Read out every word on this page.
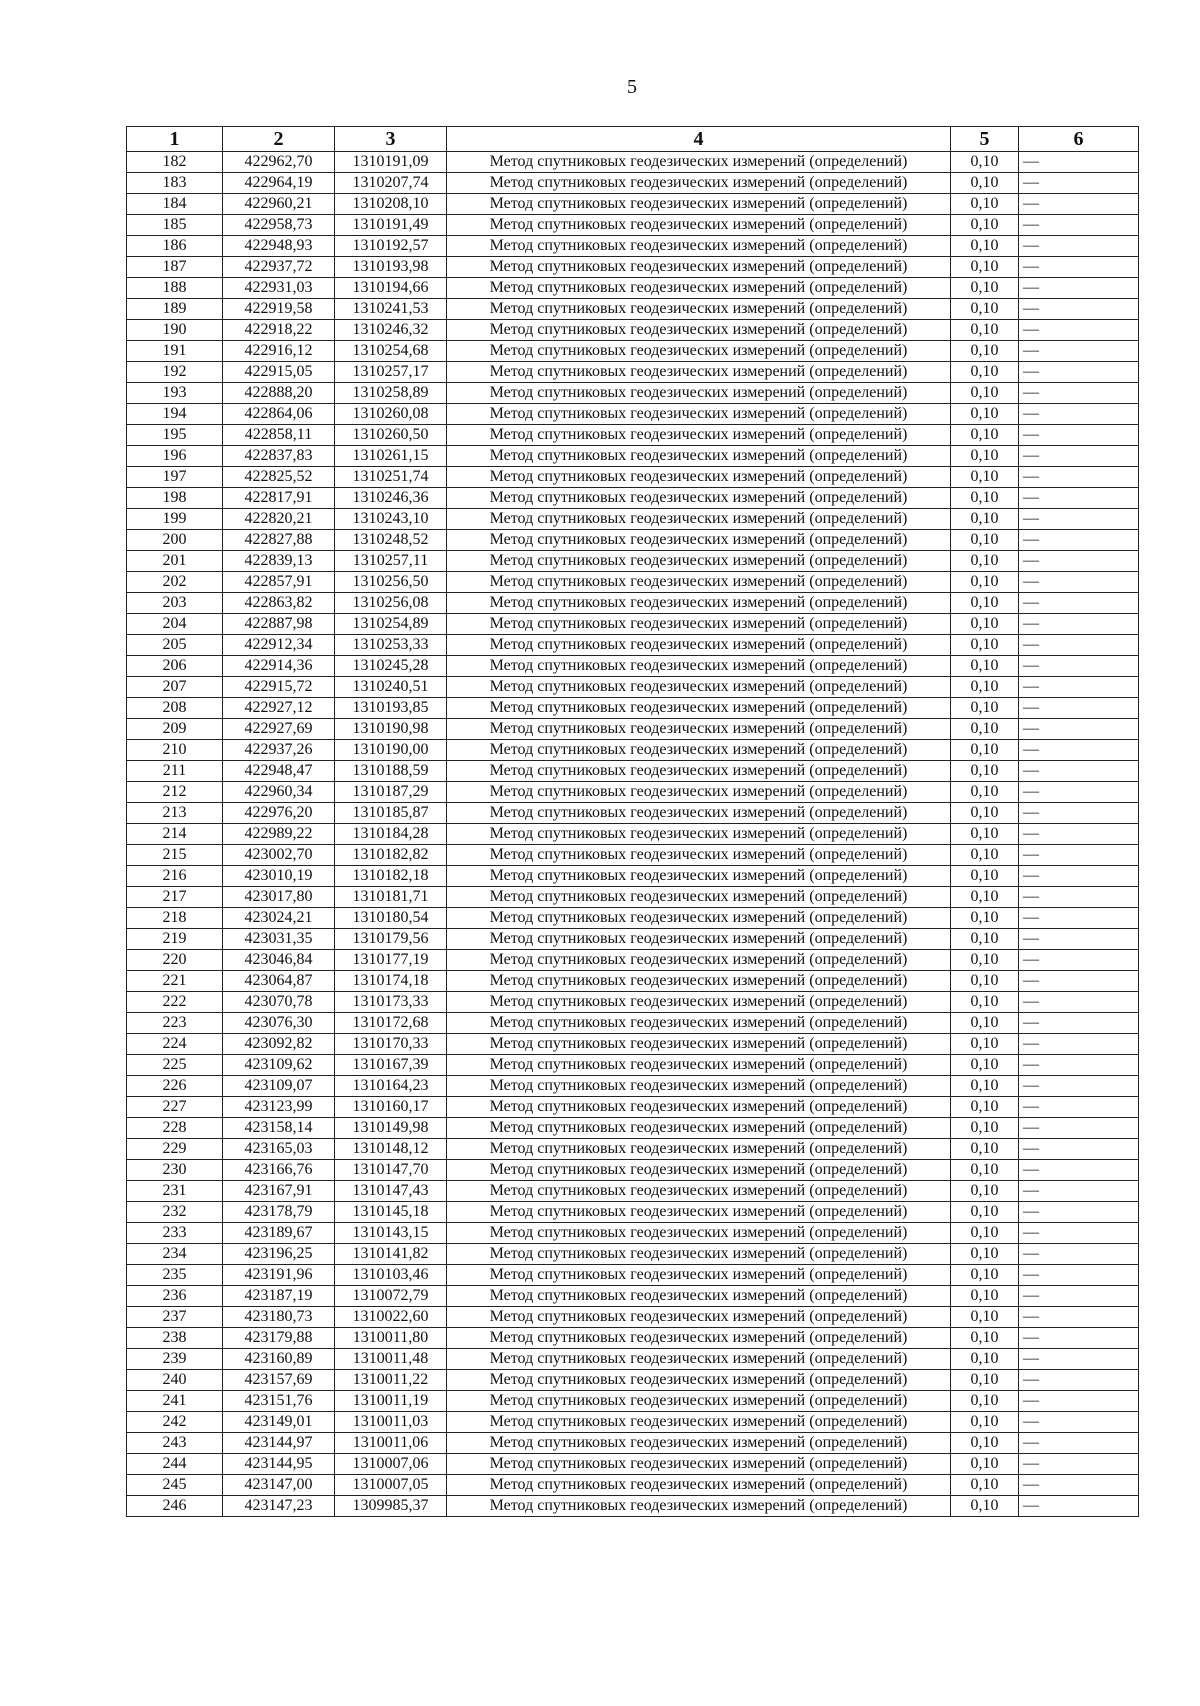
5
1	2	3	4	5	6
182	422962,70	1310191,09	Метод спутниковых геодезических измерений (определений)	0,10	—
183	422964,19	1310207,74	Метод спутниковых геодезических измерений (определений)	0,10	—
184	422960,21	1310208,10	Метод спутниковых геодезических измерений (определений)	0,10	—
185	422958,73	1310191,49	Метод спутниковых геодезических измерений (определений)	0,10	—
186	422948,93	1310192,57	Метод спутниковых геодезических измерений (определений)	0,10	—
187	422937,72	1310193,98	Метод спутниковых геодезических измерений (определений)	0,10	—
188	422931,03	1310194,66	Метод спутниковых геодезических измерений (определений)	0,10	—
189	422919,58	1310241,53	Метод спутниковых геодезических измерений (определений)	0,10	—
190	422918,22	1310246,32	Метод спутниковых геодезических измерений (определений)	0,10	—
191	422916,12	1310254,68	Метод спутниковых геодезических измерений (определений)	0,10	—
192	422915,05	1310257,17	Метод спутниковых геодезических измерений (определений)	0,10	—
193	422888,20	1310258,89	Метод спутниковых геодезических измерений (определений)	0,10	—
194	422864,06	1310260,08	Метод спутниковых геодезических измерений (определений)	0,10	—
195	422858,11	1310260,50	Метод спутниковых геодезических измерений (определений)	0,10	—
196	422837,83	1310261,15	Метод спутниковых геодезических измерений (определений)	0,10	—
197	422825,52	1310251,74	Метод спутниковых геодезических измерений (определений)	0,10	—
198	422817,91	1310246,36	Метод спутниковых геодезических измерений (определений)	0,10	—
199	422820,21	1310243,10	Метод спутниковых геодезических измерений (определений)	0,10	—
200	422827,88	1310248,52	Метод спутниковых геодезических измерений (определений)	0,10	—
201	422839,13	1310257,11	Метод спутниковых геодезических измерений (определений)	0,10	—
202	422857,91	1310256,50	Метод спутниковых геодезических измерений (определений)	0,10	—
203	422863,82	1310256,08	Метод спутниковых геодезических измерений (определений)	0,10	—
204	422887,98	1310254,89	Метод спутниковых геодезических измерений (определений)	0,10	—
205	422912,34	1310253,33	Метод спутниковых геодезических измерений (определений)	0,10	—
206	422914,36	1310245,28	Метод спутниковых геодезических измерений (определений)	0,10	—
207	422915,72	1310240,51	Метод спутниковых геодезических измерений (определений)	0,10	—
208	422927,12	1310193,85	Метод спутниковых геодезических измерений (определений)	0,10	—
209	422927,69	1310190,98	Метод спутниковых геодезических измерений (определений)	0,10	—
210	422937,26	1310190,00	Метод спутниковых геодезических измерений (определений)	0,10	—
211	422948,47	1310188,59	Метод спутниковых геодезических измерений (определений)	0,10	—
212	422960,34	1310187,29	Метод спутниковых геодезических измерений (определений)	0,10	—
213	422976,20	1310185,87	Метод спутниковых геодезических измерений (определений)	0,10	—
214	422989,22	1310184,28	Метод спутниковых геодезических измерений (определений)	0,10	—
215	423002,70	1310182,82	Метод спутниковых геодезических измерений (определений)	0,10	—
216	423010,19	1310182,18	Метод спутниковых геодезических измерений (определений)	0,10	—
217	423017,80	1310181,71	Метод спутниковых геодезических измерений (определений)	0,10	—
218	423024,21	1310180,54	Метод спутниковых геодезических измерений (определений)	0,10	—
219	423031,35	1310179,56	Метод спутниковых геодезических измерений (определений)	0,10	—
220	423046,84	1310177,19	Метод спутниковых геодезических измерений (определений)	0,10	—
221	423064,87	1310174,18	Метод спутниковых геодезических измерений (определений)	0,10	—
222	423070,78	1310173,33	Метод спутниковых геодезических измерений (определений)	0,10	—
223	423076,30	1310172,68	Метод спутниковых геодезических измерений (определений)	0,10	—
224	423092,82	1310170,33	Метод спутниковых геодезических измерений (определений)	0,10	—
225	423109,62	1310167,39	Метод спутниковых геодезических измерений (определений)	0,10	—
226	423109,07	1310164,23	Метод спутниковых геодезических измерений (определений)	0,10	—
227	423123,99	1310160,17	Метод спутниковых геодезических измерений (определений)	0,10	—
228	423158,14	1310149,98	Метод спутниковых геодезических измерений (определений)	0,10	—
229	423165,03	1310148,12	Метод спутниковых геодезических измерений (определений)	0,10	—
230	423166,76	1310147,70	Метод спутниковых геодезических измерений (определений)	0,10	—
231	423167,91	1310147,43	Метод спутниковых геодезических измерений (определений)	0,10	—
232	423178,79	1310145,18	Метод спутниковых геодезических измерений (определений)	0,10	—
233	423189,67	1310143,15	Метод спутниковых геодезических измерений (определений)	0,10	—
234	423196,25	1310141,82	Метод спутниковых геодезических измерений (определений)	0,10	—
235	423191,96	1310103,46	Метод спутниковых геодезических измерений (определений)	0,10	—
236	423187,19	1310072,79	Метод спутниковых геодезических измерений (определений)	0,10	—
237	423180,73	1310022,60	Метод спутниковых геодезических измерений (определений)	0,10	—
238	423179,88	1310011,80	Метод спутниковых геодезических измерений (определений)	0,10	—
239	423160,89	1310011,48	Метод спутниковых геодезических измерений (определений)	0,10	—
240	423157,69	1310011,22	Метод спутниковых геодезических измерений (определений)	0,10	—
241	423151,76	1310011,19	Метод спутниковых геодезических измерений (определений)	0,10	—
242	423149,01	1310011,03	Метод спутниковых геодезических измерений (определений)	0,10	—
243	423144,97	1310011,06	Метод спутниковых геодезических измерений (определений)	0,10	—
244	423144,95	1310007,06	Метод спутниковых геодезических измерений (определений)	0,10	—
245	423147,00	1310007,05	Метод спутниковых геодезических измерений (определений)	0,10	—
246	423147,23	1309985,37	Метод спутниковых геодезических измерений (определений)	0,10	—
